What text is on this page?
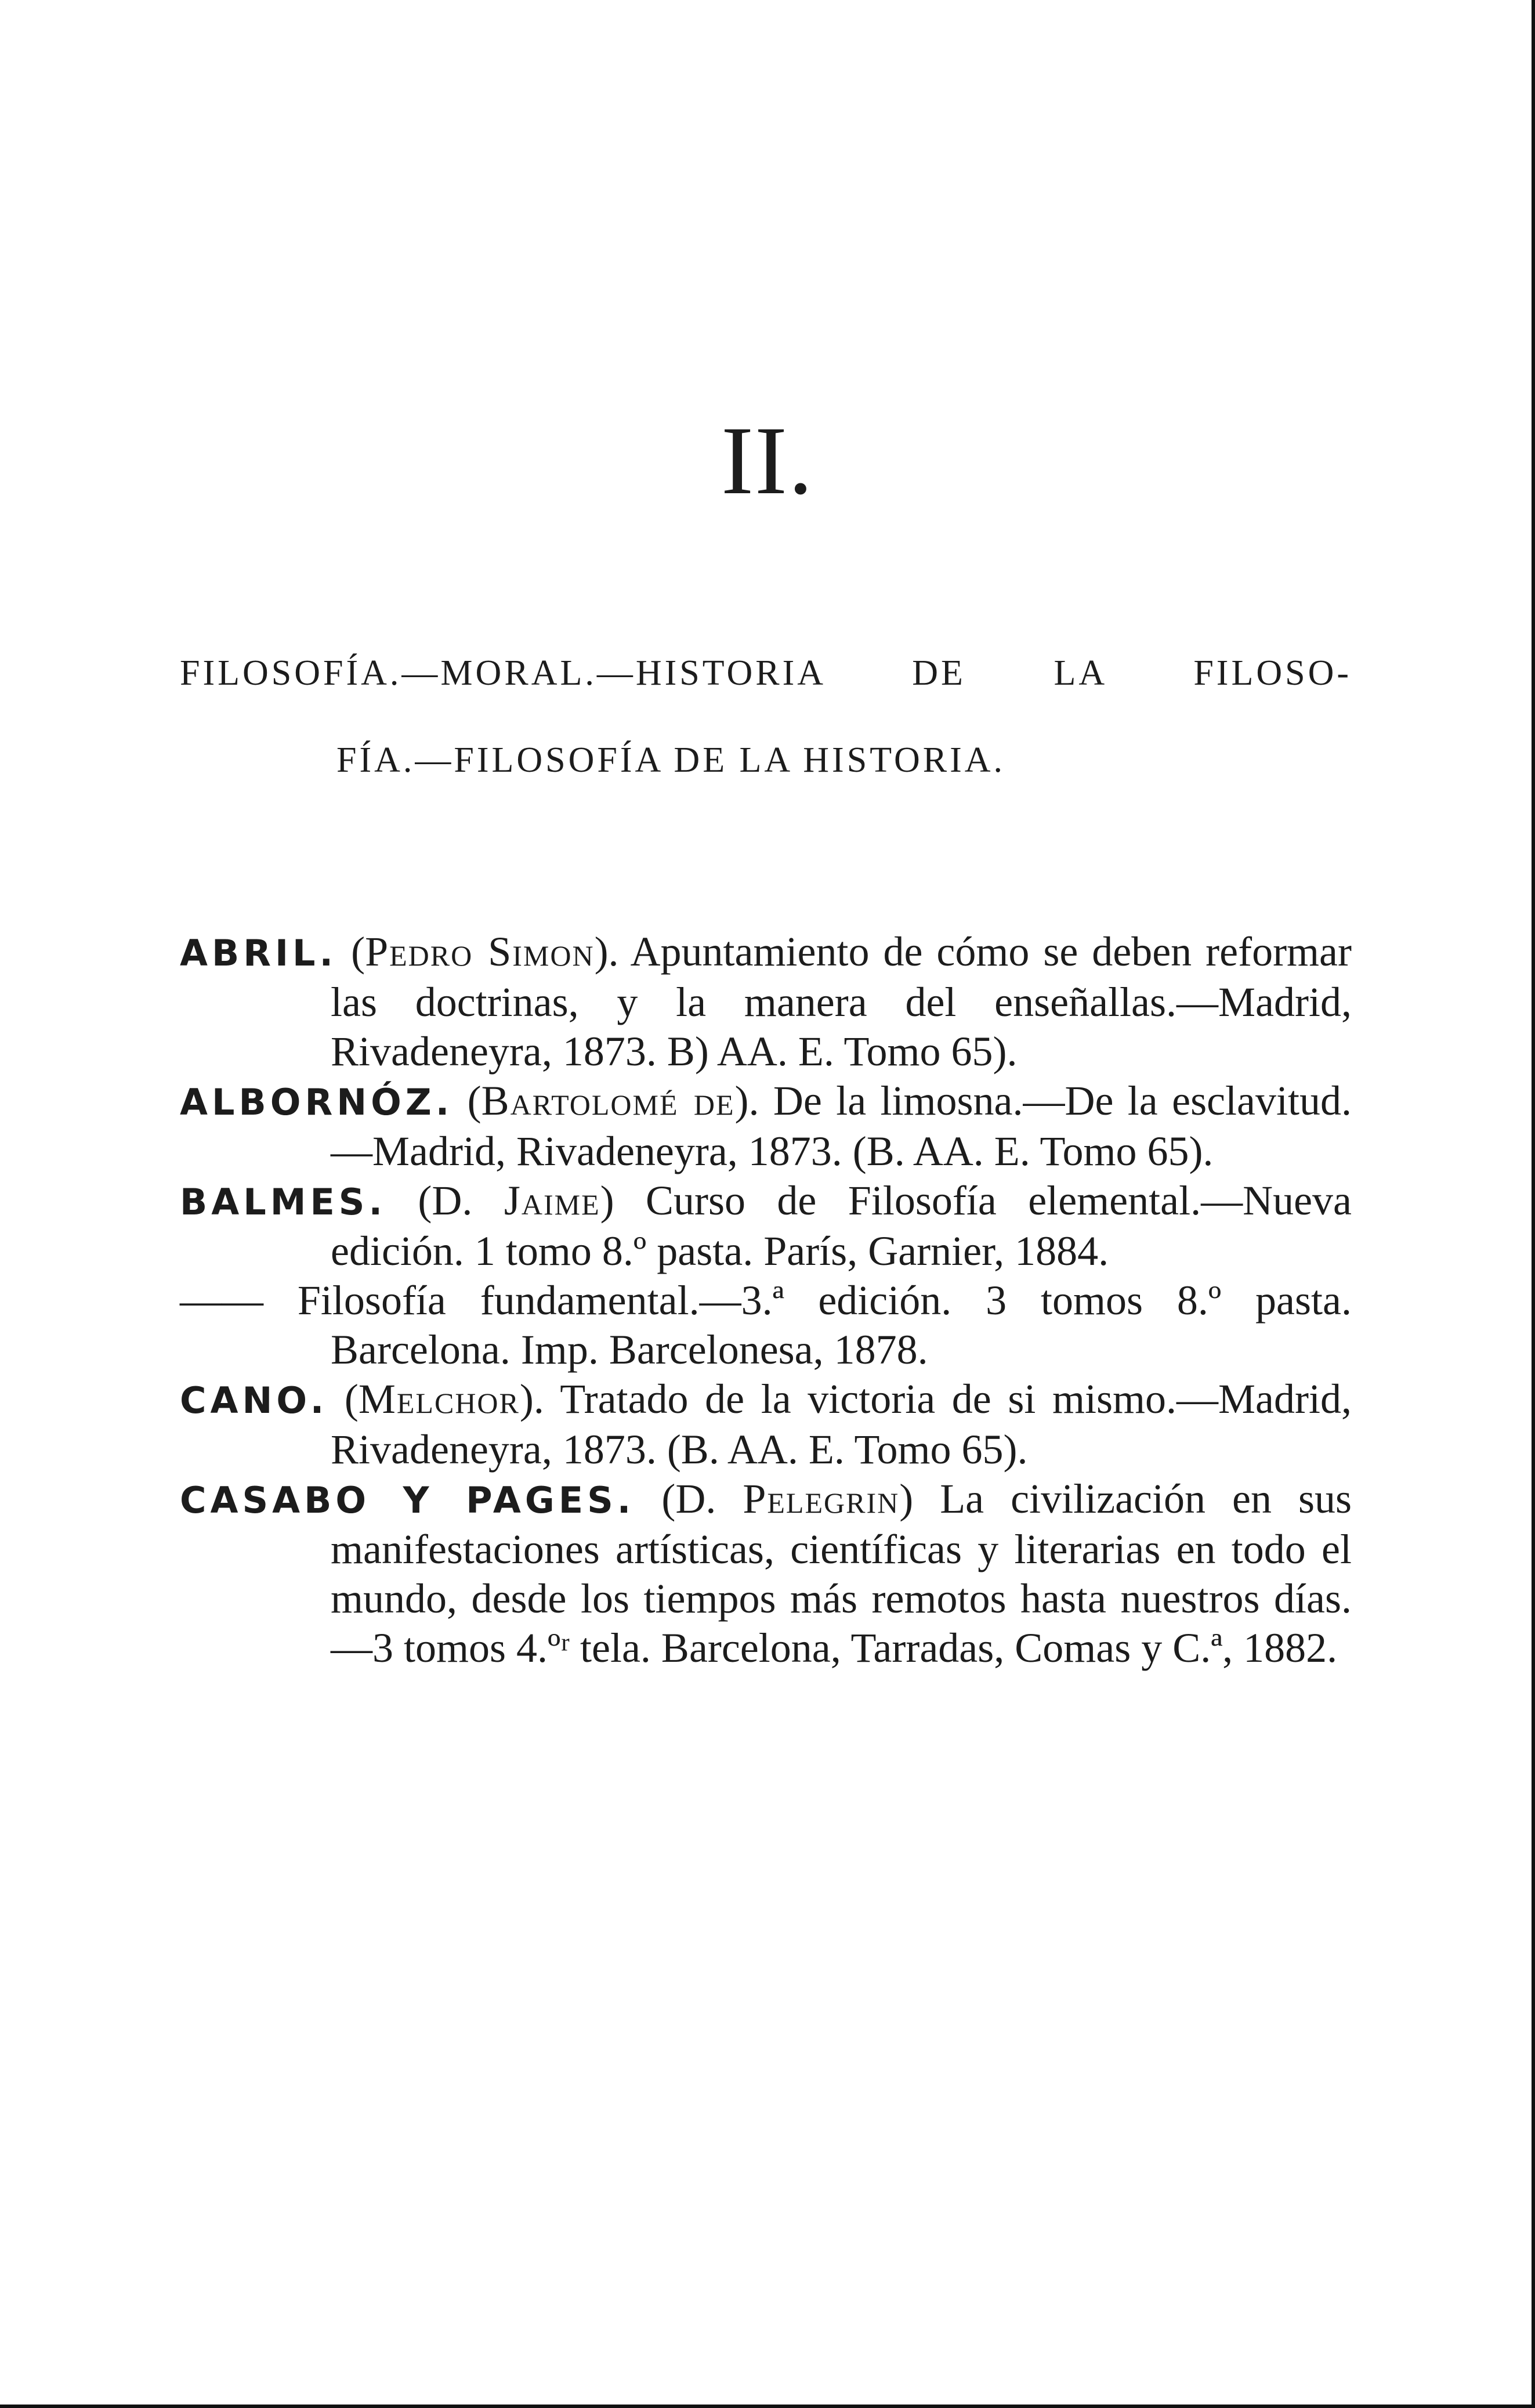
II.
FILOSOFÍA.—MORAL.—HISTORIA DE LA FILOSO-
FÍA.—FILOSOFÍA DE LA HISTORIA.

ABRIL. (Pedro Simon). Apuntamiento de cómo se deben reformar las doctrinas, y la manera del enseñallas.—Madrid, Rivadeneyra, 1873. B) AA. E. Tomo 65).

ALBORNÓZ. (Bartolomé de). De la limosna.—De la esclavitud.—Madrid, Rivadeneyra, 1873. (B. AA. E. Tomo 65).

BALMES. (D. Jaime) Curso de Filosofía elemental.—Nueva edición. 1 tomo 8.º pasta. París, Garnier, 1884.

—— Filosofía fundamental.—3.ª edición. 3 tomos 8.º pasta. Barcelona. Imp. Barcelonesa, 1878.

CANO. (Melchor). Tratado de la victoria de si mismo.—Madrid, Rivadeneyra, 1873. (B. AA. E. Tomo 65).

CASABO Y PAGES. (D. Pelegrin) La civilización en sus manifestaciones artísticas, científicas y literarias en todo el mundo, desde los tiempos más remotos hasta nuestros días.—3 tomos 4.ºʳ tela. Barcelona, Tarradas, Comas y C.ª, 1882.
